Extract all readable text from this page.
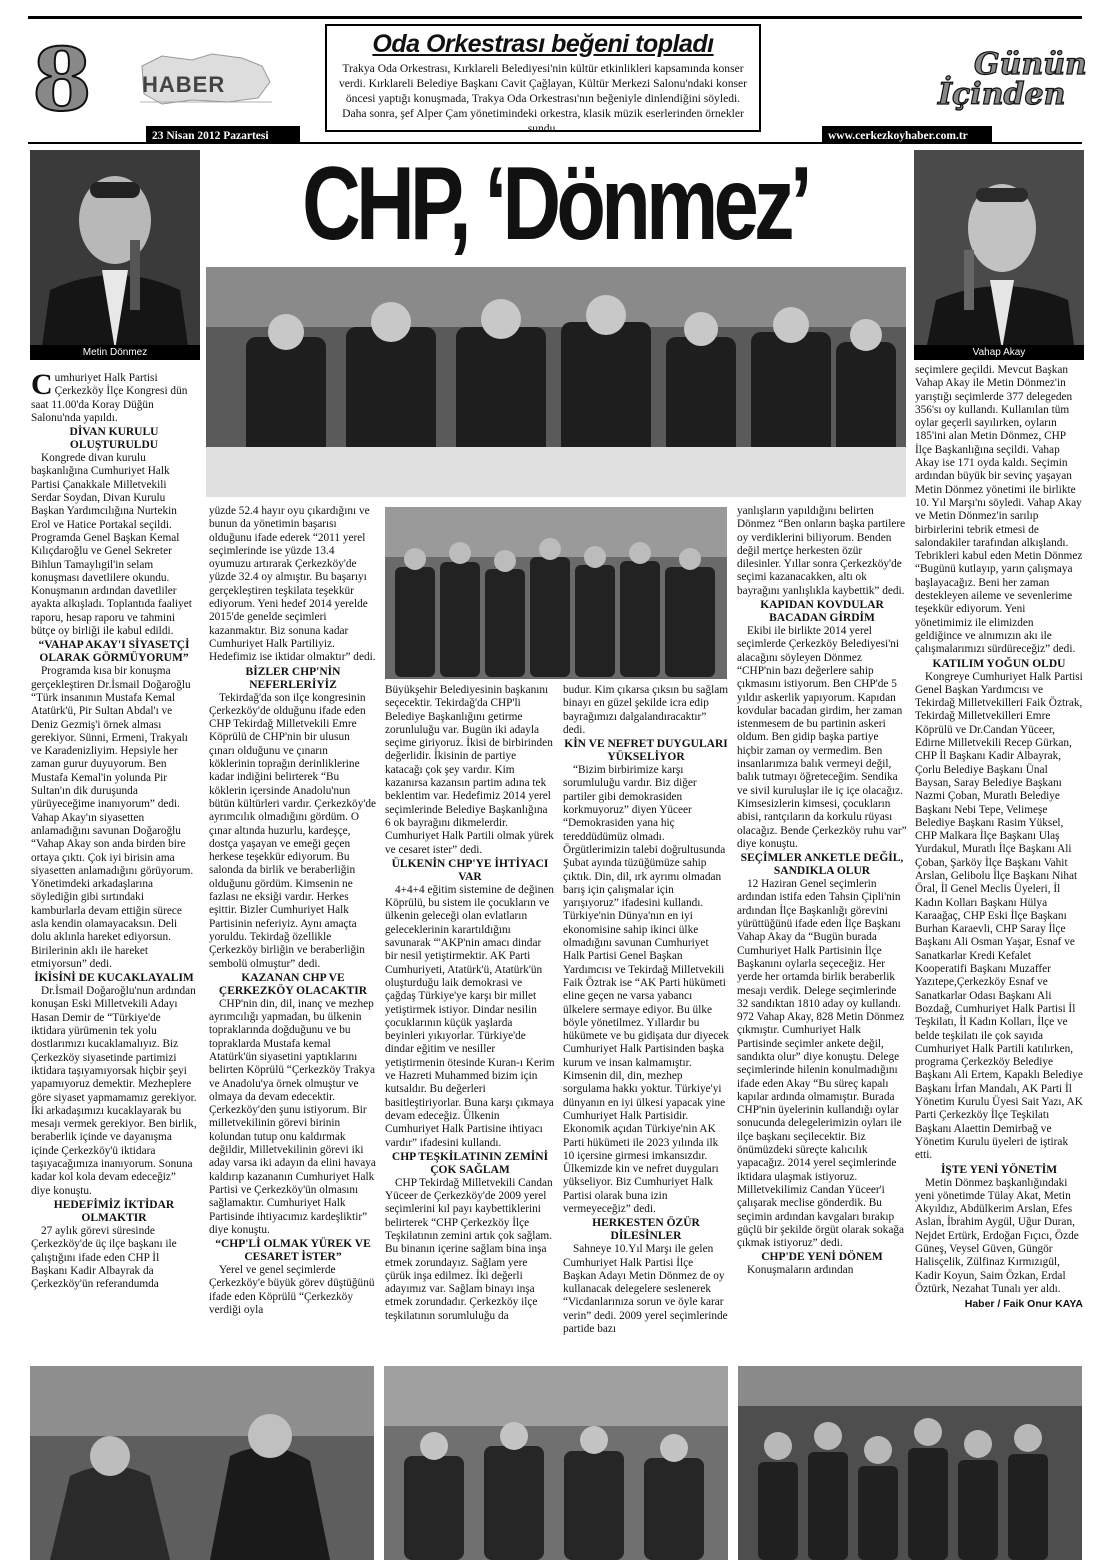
8 HABER
Oda Orkestrası beğeni topladı

Trakya Oda Orkestrası, Kırklareli Belediyesi'nin kültür etkinlikleri kapsamında konser verdi. Kırklareli Belediye Başkanı Cavit Çağlayan, Kültür Merkezi Salonu'ndaki konser öncesi yaptığı konuşmada, Trakya Oda Orkestrası'nın beğeniyle dinlendiğini söyledi. Daha sonra, şef Alper Çam yönetimindeki orkestra, klasik müzik eserlerinden örnekler sundu.

Günün
İçinden
23 Nisan 2012 Pazartesi	www.cerkezkoyhaber.com.tr
CHP, ‘Dönmez’
Metin Dönmez	Vahap Akay

Cumhuriyet Halk Partisi Çerkezköy İlçe Kongresi dün saat 11.00'da Koray Düğün Salonu'nda yapıldı.

DİVAN KURULU OLUŞTURULDU

Kongrede divan kurulu başkanlığına Cumhuriyet Halk Partisi Çanakkale Milletvekili Serdar Soydan, Divan Kurulu Başkan Yardımcılığına Nurtekin Erol ve Hatice Portakal seçildi. Programda Genel Başkan Kemal Kılıçdaroğlu ve Genel Sekreter Bihlun Tamaylıgil'in selam konuşması davetlilere okundu. Konuşmanın ardından davetliler ayakta alkışladı. Toplantıda faaliyet raporu, hesap raporu ve tahmini bütçe oy birliği ile kabul edildi.

“VAHAP AKAY'I SİYASETÇİ OLARAK GÖRMÜYORUM”

Programda kısa bir konuşma gerçekleştiren Dr.İsmail Doğaroğlu “Türk insanının Mustafa Kemal Atatürk'ü, Pir Sultan Abdal'ı ve Deniz Gezmiş'i örnek alması gerekiyor. Sünni, Ermeni, Trakyalı ve Karadenizliyim. Hepsiyle her zaman gurur duyuyorum. Ben Mustafa Kemal'in yolunda Pir Sultan'ın dik duruşunda yürüyeceğime inanıyorum” dedi. Vahap Akay'ın siyasetten anlamadığını savunan Doğaroğlu “Vahap Akay son anda birden bire ortaya çıktı. Çok iyi birisin ama siyasetten anlamadığını görüyorum. Yönetimdeki arkadaşlarına söylediğin gibi sırtındaki kamburlarla devam ettiğin sürece asla kendin olamayacaksın. Deli dolu aklınla hareket ediyorsun. Birilerinin aklı ile hareket etmiyorsun” dedi.

İKİSİNİ DE KUCAKLAYALIM

Dr.İsmail Doğaroğlu'nun ardından konuşan Eski Milletvekili Adayı Hasan Demir de “Türkiye'de iktidara yürümenin tek yolu dostlarımızı kucaklamalıyız. Biz Çerkezköy siyasetinde partimizi iktidara taşıyamıyorsak hiçbir şeyi yapamıyoruz demektir. Mezheplere göre siyaset yapmamamız gerekiyor. İki arkadaşımızı kucaklayarak bu mesajı vermek gerekiyor. Ben birlik, beraberlik içinde ve dayanışma içinde Çerkezköy'ü iktidara taşıyacağımıza inanıyorum. Sonuna kadar kol kola devam edeceğiz” diye konuştu.

HEDEFİMİZ İKTİDAR OLMAKTIR

27 aylık görevi süresinde Çerkezköy'de üç ilçe başkanı ile çalıştığını ifade eden CHP İl Başkanı Kadir Albayrak da Çerkezköy'ün referandumda

yüzde 52.4 hayır oyu çıkardığını ve bunun da yönetimin başarısı olduğunu ifade ederek “2011 yerel seçimlerinde ise yüzde 13.4 oyumuzu artırarak Çerkezköy'de yüzde 32.4 oy almıştır. Bu başarıyı gerçekleştiren teşkilata teşekkür ediyorum. Yeni hedef 2014 yerelde 2015'de genelde seçimleri kazanmaktır. Biz sonuna kadar Cumhuriyet Halk Partiliyiz. Hedefimiz ise iktidar olmaktır” dedi.

BİZLER CHP'NİN NEFERLERİYİZ

Tekirdağ'da son ilçe kongresinin Çerkezköy'de olduğunu ifade eden CHP Tekirdağ Milletvekili Emre Köprülü de CHP'nin bir ulusun çınarı olduğunu ve çınarın köklerinin toprağın derinliklerine kadar indiğini belirterek “Bu köklerin içersinde Anadolu'nun bütün kültürleri vardır. Çerkezköy'de ayrımcılık olmadığını gördüm. O çınar altında huzurlu, kardeşçe, dostça yaşayan ve emeği geçen herkese teşekkür ediyorum. Bu salonda da birlik ve beraberliğin olduğunu gördüm. Kimsenin ne fazlası ne eksiği vardır. Herkes eşittir. Bizler Cumhuriyet Halk Partisinin neferiyiz. Aynı amaçta yoruldu. Tekirdağ özellikle Çerkezköy birliğin ve beraberliğin sembolü olmuştur” dedi.

KAZANAN CHP VE ÇERKEZKÖY OLACAKTIR

CHP'nin din, dil, inanç ve mezhep ayrımcılığı yapmadan, bu ülkenin topraklarında doğduğunu ve bu topraklarda Mustafa kemal Atatürk'ün siyasetini yaptıklarını belirten Köprülü “Çerkezköy Trakya ve Anadolu'ya örnek olmuştur ve olmaya da devam edecektir. Çerkezköy'den şunu istiyorum. Bir milletvekilinin görevi birinin kolundan tutup onu kaldırmak değildir, Milletvekilinin görevi iki aday varsa iki adayın da elini havaya kaldırıp kazananın Cumhuriyet Halk Partisi ve Çerkezköy'ün olmasını sağlamaktır. Cumhuriyet Halk Partisinde ihtiyacımız kardeşliktir” diye konuştu.

“CHP'Lİ OLMAK YÜREK VE CESARET İSTER”

Yerel ve genel seçimlerde Çerkezköy'e büyük görev düştüğünü ifade eden Köprülü “Çerkezköy verdiği oyla

Büyükşehir Belediyesinin başkanını seçecektir. Tekirdağ'da CHP'li Belediye Başkanlığını getirme zorunluluğu var. Bugün iki adayla seçime giriyoruz. İkisi de birbirinden değerlidir. İkisinin de partiye katacağı çok şey vardır. Kim kazanırsa kazansın partim adına tek beklentim var. Hedefimiz 2014 yerel seçimlerinde Belediye Başkanlığına 6 ok bayrağını dikmelerdir. Cumhuriyet Halk Partili olmak yürek ve cesaret ister” dedi.

ÜLKENİN CHP'YE İHTİYACI VAR

4+4+4 eğitim sistemine de değinen Köprülü, bu sistem ile çocukların ve ülkenin geleceği olan evlatların geleceklerinin karartıldığını savunarak “'AKP'nin amacı dindar bir nesil yetiştirmektir. AK Parti Cumhuriyeti, Atatürk'ü, Atatürk'ün oluşturduğu laik demokrasi ve çağdaş Türkiye'ye karşı bir millet yetiştirmek istiyor. Dindar nesilin çocuklarının küçük yaşlarda beyinleri yıkıyorlar. Türkiye'de dindar eğitim ve nesiller yetiştirmenin ötesinde Kuran-ı Kerim ve Hazreti Muhammed bizim için kutsaldır. Bu değerleri basitleştiriyorlar. Buna karşı çıkmaya devam edeceğiz. Ülkenin Cumhuriyet Halk Partisine ihtiyacı vardır” ifadesini kullandı.

CHP TEŞKİLATININ ZEMİNİ ÇOK SAĞLAM

CHP Tekirdağ Milletvekili Candan Yüceer de Çerkezköy'de 2009 yerel seçimlerini kıl payı kaybettiklerini belirterek “CHP Çerkezköy İlçe Teşkilatının zemini artık çok sağlam. Bu binanın içerine sağlam bina inşa etmek zorundayız. Sağlam yere çürük inşa edilmez. İki değerli adayımız var. Sağlam binayı inşa etmek zorundadır. Çerkezköy ilçe teşkilatının sorumluluğu da

budur. Kim çıkarsa çıksın bu sağlam binayı en güzel şekilde icra edip bayrağımızı dalgalandıracaktır” dedi.

KİN VE NEFRET DUYGULARI YÜKSELİYOR

“Bizim birbirimize karşı sorumluluğu vardır. Biz diğer partiler gibi demokrasiden korkmuyoruz” diyen Yüceer “Demokrasiden yana hiç tereddüdümüz olmadı. Örgütlerimizin talebi doğrultusunda Şubat ayında tüzüğümüze sahip çıktık. Din, dil, ırk ayrımı olmadan barış için çalışmalar için yarışıyoruz” ifadesini kullandı. Türkiye'nin Dünya'nın en iyi ekonomisine sahip ikinci ülke olmadığını savunan Cumhuriyet Halk Partisi Genel Başkan Yardımcısı ve Tekirdağ Milletvekili Faik Öztrak ise “AK Parti hükümeti eline geçen ne varsa yabancı ülkelere sermaye ediyor. Bu ülke böyle yönetilmez. Yıllardır bu hükümete ve bu gidişata dur diyecek Cumhuriyet Halk Partisinden başka kurum ve insan kalmamıştır. Kimsenin dil, din, mezhep sorgulama hakkı yoktur. Türkiye'yi dünyanın en iyi ülkesi yapacak yine Cumhuriyet Halk Partisidir. Ekonomik açıdan Türkiye'nin AK Parti hükümeti ile 2023 yılında ilk 10 içersine girmesi imkansızdır. Ülkemizde kin ve nefret duyguları yükseliyor. Biz Cumhuriyet Halk Partisi olarak buna izin vermeyeceğiz” dedi.

HERKESTEN ÖZÜR DİLESİNLER

Sahneye 10.Yıl Marşı ile gelen Cumhuriyet Halk Partisi İlçe Başkan Adayı Metin Dönmez de oy kullanacak delegelere seslenerek “Vicdanlarınıza sorun ve öyle karar verin” dedi. 2009 yerel seçimlerinde partide bazı

yanlışların yapıldığını belirten Dönmez “Ben onların başka partilere oy verdiklerini biliyorum. Benden değil mertçe herkesten özür dilesinler. Yıllar sonra Çerkezköy'de seçimi kazanacakken, altı ok bayrağını yanlışlıkla kaybettik” dedi.

KAPIDAN KOVDULAR BACADAN GİRDİM

Ekibi ile birlikte 2014 yerel seçimlerde Çerkezköy Belediyesi'ni alacağını söyleyen Dönmez “CHP'nin bazı değerlere sahip çıkmasını istiyorum. Ben CHP'de 5 yıldır askerlik yapıyorum. Kapıdan kovdular bacadan girdim, her zaman istenmesem de bu partinin askeri oldum. Ben gidip başka partiye hiçbir zaman oy vermedim. Ben insanlarımıza balık vermeyi değil, balık tutmayı öğreteceğim. Sendika ve sivil kuruluşlar ile iç içe olacağız. Kimsesizlerin kimsesi, çocukların abisi, rantçıların da korkulu rüyası olacağız. Bende Çerkezköy ruhu var” diye konuştu.

SEÇİMLER ANKETLE DEĞİL, SANDIKLA OLUR

12 Haziran Genel seçimlerin ardından istifa eden Tahsin Çipli'nin ardından İlçe Başkanlığı görevini yürüttüğünü ifade eden İlçe Başkanı Vahap Akay da “Bugün burada Cumhuriyet Halk Partisinin İlçe Başkanını oylarla seçeceğiz. Her yerde her ortamda birlik beraberlik mesajı verdik. Delege seçimlerinde 32 sandıktan 1810 aday oy kullandı. 972 Vahap Akay, 828 Metin Dönmez çıkmıştır. Cumhuriyet Halk Partisinde seçimler ankete değil, sandıkta olur” diye konuştu. Delege seçimlerinde hilenin konulmadığını ifade eden Akay “Bu süreç kapalı kapılar ardında olmamıştır. Burada CHP'nin üyelerinin kullandığı oylar sonucunda delegelerimizin oyları ile ilçe başkanı seçilecektir. Biz önümüzdeki süreçte kalıcılık yapacağız. 2014 yerel seçimlerinde iktidara ulaşmak istiyoruz. Milletvekilimiz Candan Yüceer'i çalışarak meclise gönderdik. Bu seçimin ardından kavgaları bırakıp güçlü bir şekilde örgüt olarak sokağa çıkmak istiyoruz” dedi.

CHP'DE YENİ DÖNEM

Konuşmaların ardından

seçimlere geçildi. Mevcut Başkan Vahap Akay ile Metin Dönmez'in yarıştığı seçimlerde 377 delegeden 356'sı oy kullandı. Kullanılan tüm oylar geçerli sayılırken, oyların 185'ini alan Metin Dönmez, CHP İlçe Başkanlığına seçildi. Vahap Akay ise 171 oyda kaldı. Seçimin ardından büyük bir sevinç yaşayan Metin Dönmez yönetimi ile birlikte 10. Yıl Marşı'nı söyledi. Vahap Akay ve Metin Dönmez'in sarılıp birbirlerini tebrik etmesi de salondakiler tarafından alkışlandı. Tebrikleri kabul eden Metin Dönmez “Bugünü kutlayıp, yarın çalışmaya başlayacağız. Beni her zaman destekleyen aileme ve sevenlerime teşekkür ediyorum. Yeni yönetimimiz ile elimizden geldiğince ve alnımızın akı ile çalışmalarımızı sürdüreceğiz” dedi.

KATILIM YOĞUN OLDU

Kongreye Cumhuriyet Halk Partisi Genel Başkan Yardımcısı ve Tekirdağ Milletvekilleri Faik Öztrak, Tekirdağ Milletvekilleri Emre Köprülü ve Dr.Candan Yüceer, Edirne Milletvekili Recep Gürkan, CHP İl Başkanı Kadir Albayrak, Çorlu Belediye Başkanı Ünal Baysan, Saray Belediye Başkanı Nazmi Çoban, Muratlı Belediye Başkanı Nebi Tepe, Velimeşe Belediye Başkanı Rasim Yüksel, CHP Malkara İlçe Başkanı Ulaş Yurdakul, Muratlı İlçe Başkanı Ali Çoban, Şarköy İlçe Başkanı Vahit Arslan, Gelibolu İlçe Başkanı Nihat Öral, İl Genel Meclis Üyeleri, İl Kadın Kolları Başkanı Hülya Karaağaç, CHP Eski İlçe Başkanı Burhan Karaevli, CHP Saray İlçe Başkanı Ali Osman Yaşar, Esnaf ve Sanatkarlar Kredi Kefalet Kooperatifi Başkanı Muzaffer Yazıtepe,Çerkezköy Esnaf ve Sanatkarlar Odası Başkanı Ali Bozdağ, Cumhuriyet Halk Partisi İl Teşkilatı, İl Kadın Kolları, İlçe ve belde teşkilatı ile çok sayıda Cumhuriyet Halk Partili katılırken, programa Çerkezköy Belediye Başkanı Ali Ertem, Kapaklı Belediye Başkanı İrfan Mandalı, AK Parti İl Yönetim Kurulu Üyesi Sait Yazı, AK Parti Çerkezköy İlçe Teşkilatı Başkanı Alaettin Demirbağ ve Yönetim Kurulu üyeleri de iştirak etti.

İŞTE YENİ YÖNETİM

Metin Dönmez başkanlığındaki yeni yönetimde Tülay Akat, Metin Akyıldız, Abdülkerim Arslan, Efes Aslan, İbrahim Aygül, Uğur Duran, Nejdet Ertürk, Erdoğan Fıçıcı, Özde Güneş, Veysel Güven, Güngör Halisçelik, Zülfinaz Kırmızıgül, Kadir Koyun, Saim Özkan, Erdal Öztürk, Nezahat Tunalı yer aldı.

Haber / Faik Onur KAYA
